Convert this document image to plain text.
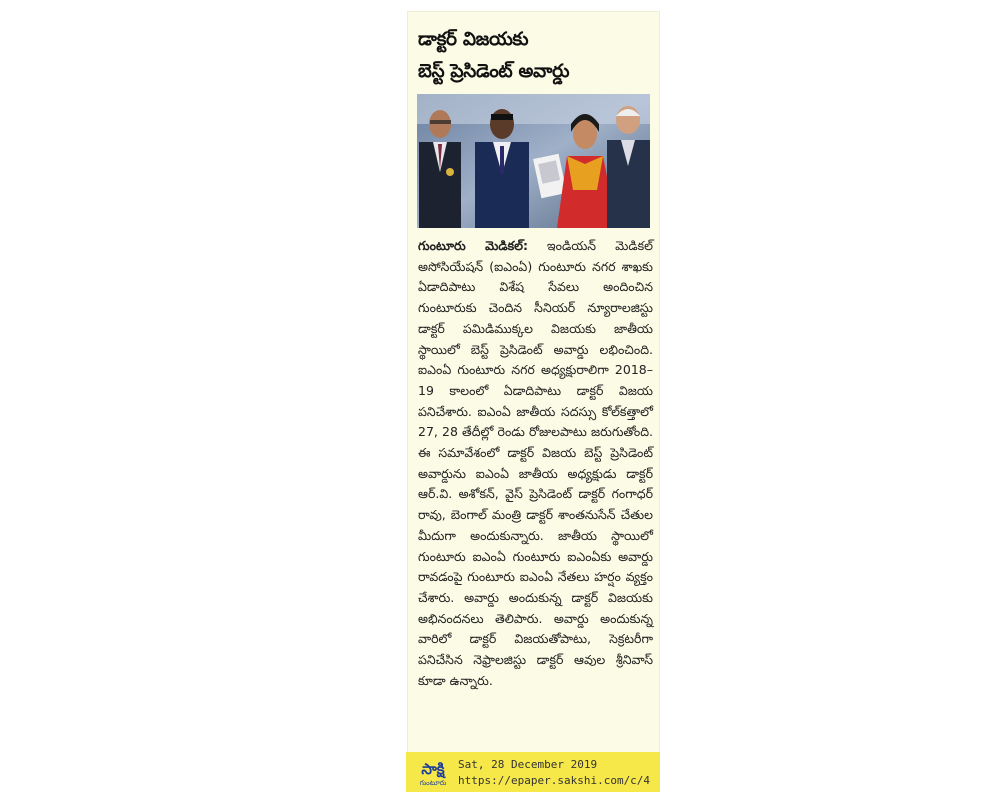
డాక్టర్ విజయకు
బెస్ట్ ప్రెసిడెంట్ అవార్డు

గుంటూరు మెడికల్: ఇండియన్ మెడికల్ అసోసియేషన్ (ఐఎంఏ) గుంటూరు నగర శాఖకు ఏడాదిపాటు విశేష సేవలు అందించిన గుంటూరుకు చెందిన సీనియర్ న్యూరాలజిస్టు డాక్టర్ పమిడిముక్కల విజయకు జాతీయ స్థాయిలో బెస్ట్ ప్రెసిడెంట్ అవార్డు లభించింది. ఐఎంఏ గుంటూరు నగర అధ్యక్షురాలిగా 2018–19 కాలంలో ఏడాదిపాటు డాక్టర్ విజయ పనిచేశారు. ఐఎంఏ జాతీయ సదస్సు కోల్‌కత్తాలో 27, 28 తేదీల్లో రెండు రోజులపాటు జరుగుతోంది. ఈ సమావేశంలో డాక్టర్ విజయ బెస్ట్ ప్రెసిడెంట్ అవార్డును ఐఎంఏ జాతీయ అధ్యక్షుడు డాక్టర్ ఆర్.వి. అశోకన్, వైస్ ప్రెసిడెంట్ డాక్టర్ గంగాధర్ రావు, బెంగాల్ మంత్రి డాక్టర్ శాంతనుసేన్ చేతుల మీదుగా అందుకున్నారు. జాతీయ స్థాయిలో గుంటూరు ఐఎంఏ గుంటూరు ఐఎంఏకు అవార్డు రావడంపై గుంటూరు ఐఎంఏ నేతలు హర్షం వ్యక్తం చేశారు. అవార్డు అందుకున్న డాక్టర్ విజయకు అభినందనలు తెలిపారు. అవార్డు అందుకున్న వారిలో డాక్టర్ విజయతోపాటు, సెక్రటరీగా పనిచేసిన నెఫ్రాలజిస్టు డాక్టర్ ఆవుల శ్రీనివాస్ కూడా ఉన్నారు.

సాక్షి
గుంటూరు
Sat, 28 December 2019
https://epaper.sakshi.com/c/4
